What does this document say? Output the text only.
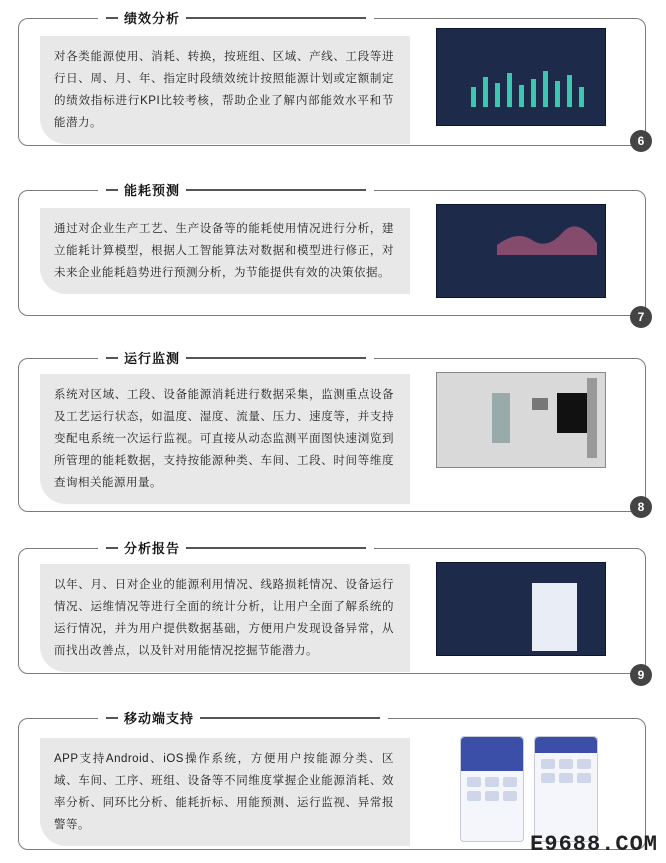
绩效分析

对各类能源使用、消耗、转换，按班组、区域、产线、工段等进行日、周、月、年、指定时段绩效统计按照能源计划或定额制定的绩效指标进行KPI比较考核，帮助企业了解内部能效水平和节能潜力。

6
能耗预测

通过对企业生产工艺、生产设备等的能耗使用情况进行分析，建立能耗计算模型，根据人工智能算法对数据和模型进行修正，对未来企业能耗趋势进行预测分析，为节能提供有效的决策依据。

7
运行监测

系统对区域、工段、设备能源消耗进行数据采集，监测重点设备及工艺运行状态，如温度、湿度、流量、压力、速度等，并支持变配电系统一次运行监视。可直接从动态监测平面图快速浏览到所管理的能耗数据，支持按能源种类、车间、工段、时间等维度查询相关能源用量。

8
分析报告

以年、月、日对企业的能源利用情况、线路损耗情况、设备运行情况、运维情况等进行全面的统计分析，让用户全面了解系统的运行情况，并为用户提供数据基础，方便用户发现设备异常，从而找出改善点，以及针对用能情况挖掘节能潜力。

9
移动端支持

APP支持Android、iOS操作系统，方便用户按能源分类、区域、车间、工序、班组、设备等不同维度掌握企业能源消耗、效率分析、同环比分析、能耗折标、用能预测、运行监视、异常报警等。

E9688.COM
